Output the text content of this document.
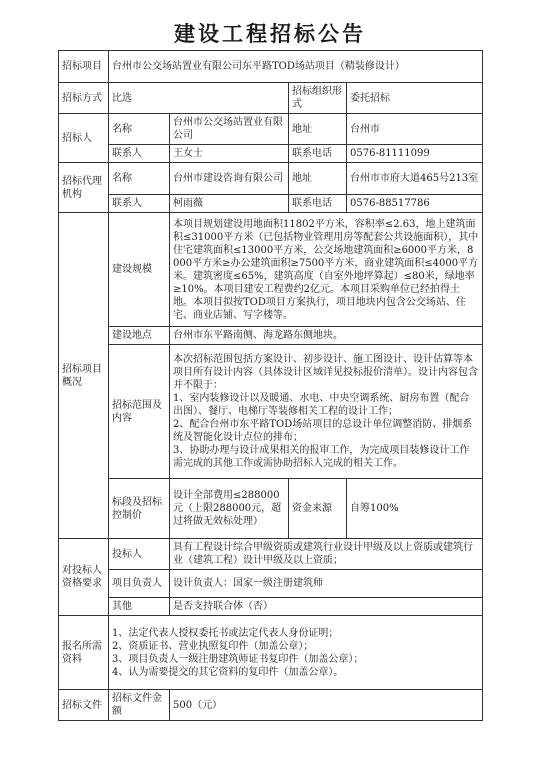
建设工程招标公告
招标项目	台州市公交场站置业有限公司东平路TOD场站项目（精装修设计）			
招标方式	比选		招标组织形式	委托招标
招标人	名称	台州市公交场站置业有限公司	地址	台州市
	联系人	王女士	联系电话	0576-81111099
招标代理机构	名称	台州市建设咨询有限公司	地址	台州市市府大道465号213室
	联系人	柯雨薇	联系电话	0576-88517786
招标项目概况	建设规模	本项目规划建设用地面积11802平方米，容积率≤2.63，地上建筑面积≤31000平方米（已包括物业管理用房等配套公共设施面积），其中住宅建筑面积≤13000平方米，公交场地建筑面积≥6000平方米，8000平方米≥办公建筑面积≥7500平方米，商业建筑面积≤4000平方米。建筑密度≤65%，建筑高度（自室外地坪算起）≤80米，绿地率≥10%。本项目建安工程费约2亿元。本项目采购单位已经拍得土地。本项目拟按TOD项目方案执行，项目地块内包含公交场站、住宅、商业店铺、写字楼等。		
	建设地点	台州市东平路南侧、海龙路东侧地块。		
	招标范围及内容	本次招标范围包括方案设计、初步设计、施工图设计、设计估算等本项目所有设计内容（具体设计区域详见投标报价清单）。设计内容包含并不限于：
1、室内装修设计以及暖通、水电、中央空调系统、厨房布置（配合出图）、餐厅、电梯厅等装修相关工程的设计工作；
2、配合台州市东平路TOD场站项目的总设计单位调整消防、排烟系统及智能化设计点位的排布；
3、协助办理与设计成果相关的报审工作，为完成项目装修设计工作需完成的其他工作或需协助招标人完成的相关工作。		

	标段及招标控制价	设计全部费用≤288000　元（上限288000元，超过将做无效标处理）	资金来源	自筹100%
对投标人资格要求	投标人	具有工程设计综合甲级资质或建筑行业设计甲级及以上资质或建筑行业（建筑工程）设计甲级及以上资质；		
	项目负责人	设计负责人：国家一级注册建筑师		
	其他	是否支持联合体（否）		
报名所需资料	1、法定代表人授权委托书或法定代表人身份证明；
2、资质证书、营业执照复印件（加盖公章）；
3、项目负责人一级注册建筑师证书复印件（加盖公章）；
4、认为需要提交的其它资料的复印件（加盖公章）。			

招标文件	招标文件金额	500（元）		
